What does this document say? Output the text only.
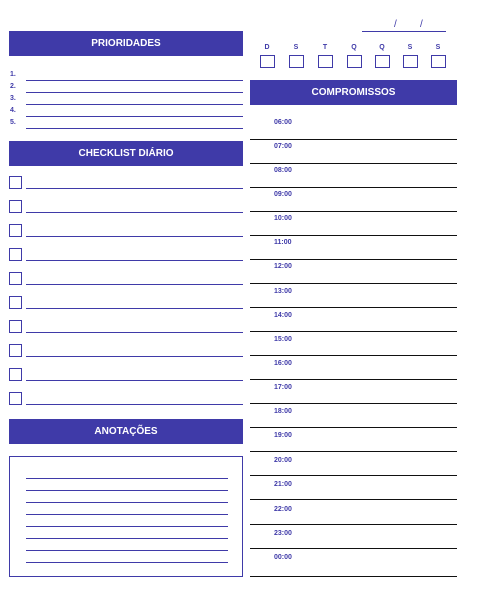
/ /
D	S	T	Q	Q	S	S
PRIORIDADES
1.
2.
3.
4.
5.
CHECKLIST DIÁRIO
ANOTAÇÕES
COMPROMISSOS
06:00
07:00
08:00
09:00
10:00
11:00
12:00
13:00
14:00
15:00
16:00
17:00
18:00
19:00
20:00
21:00
22:00
23:00
00:00
